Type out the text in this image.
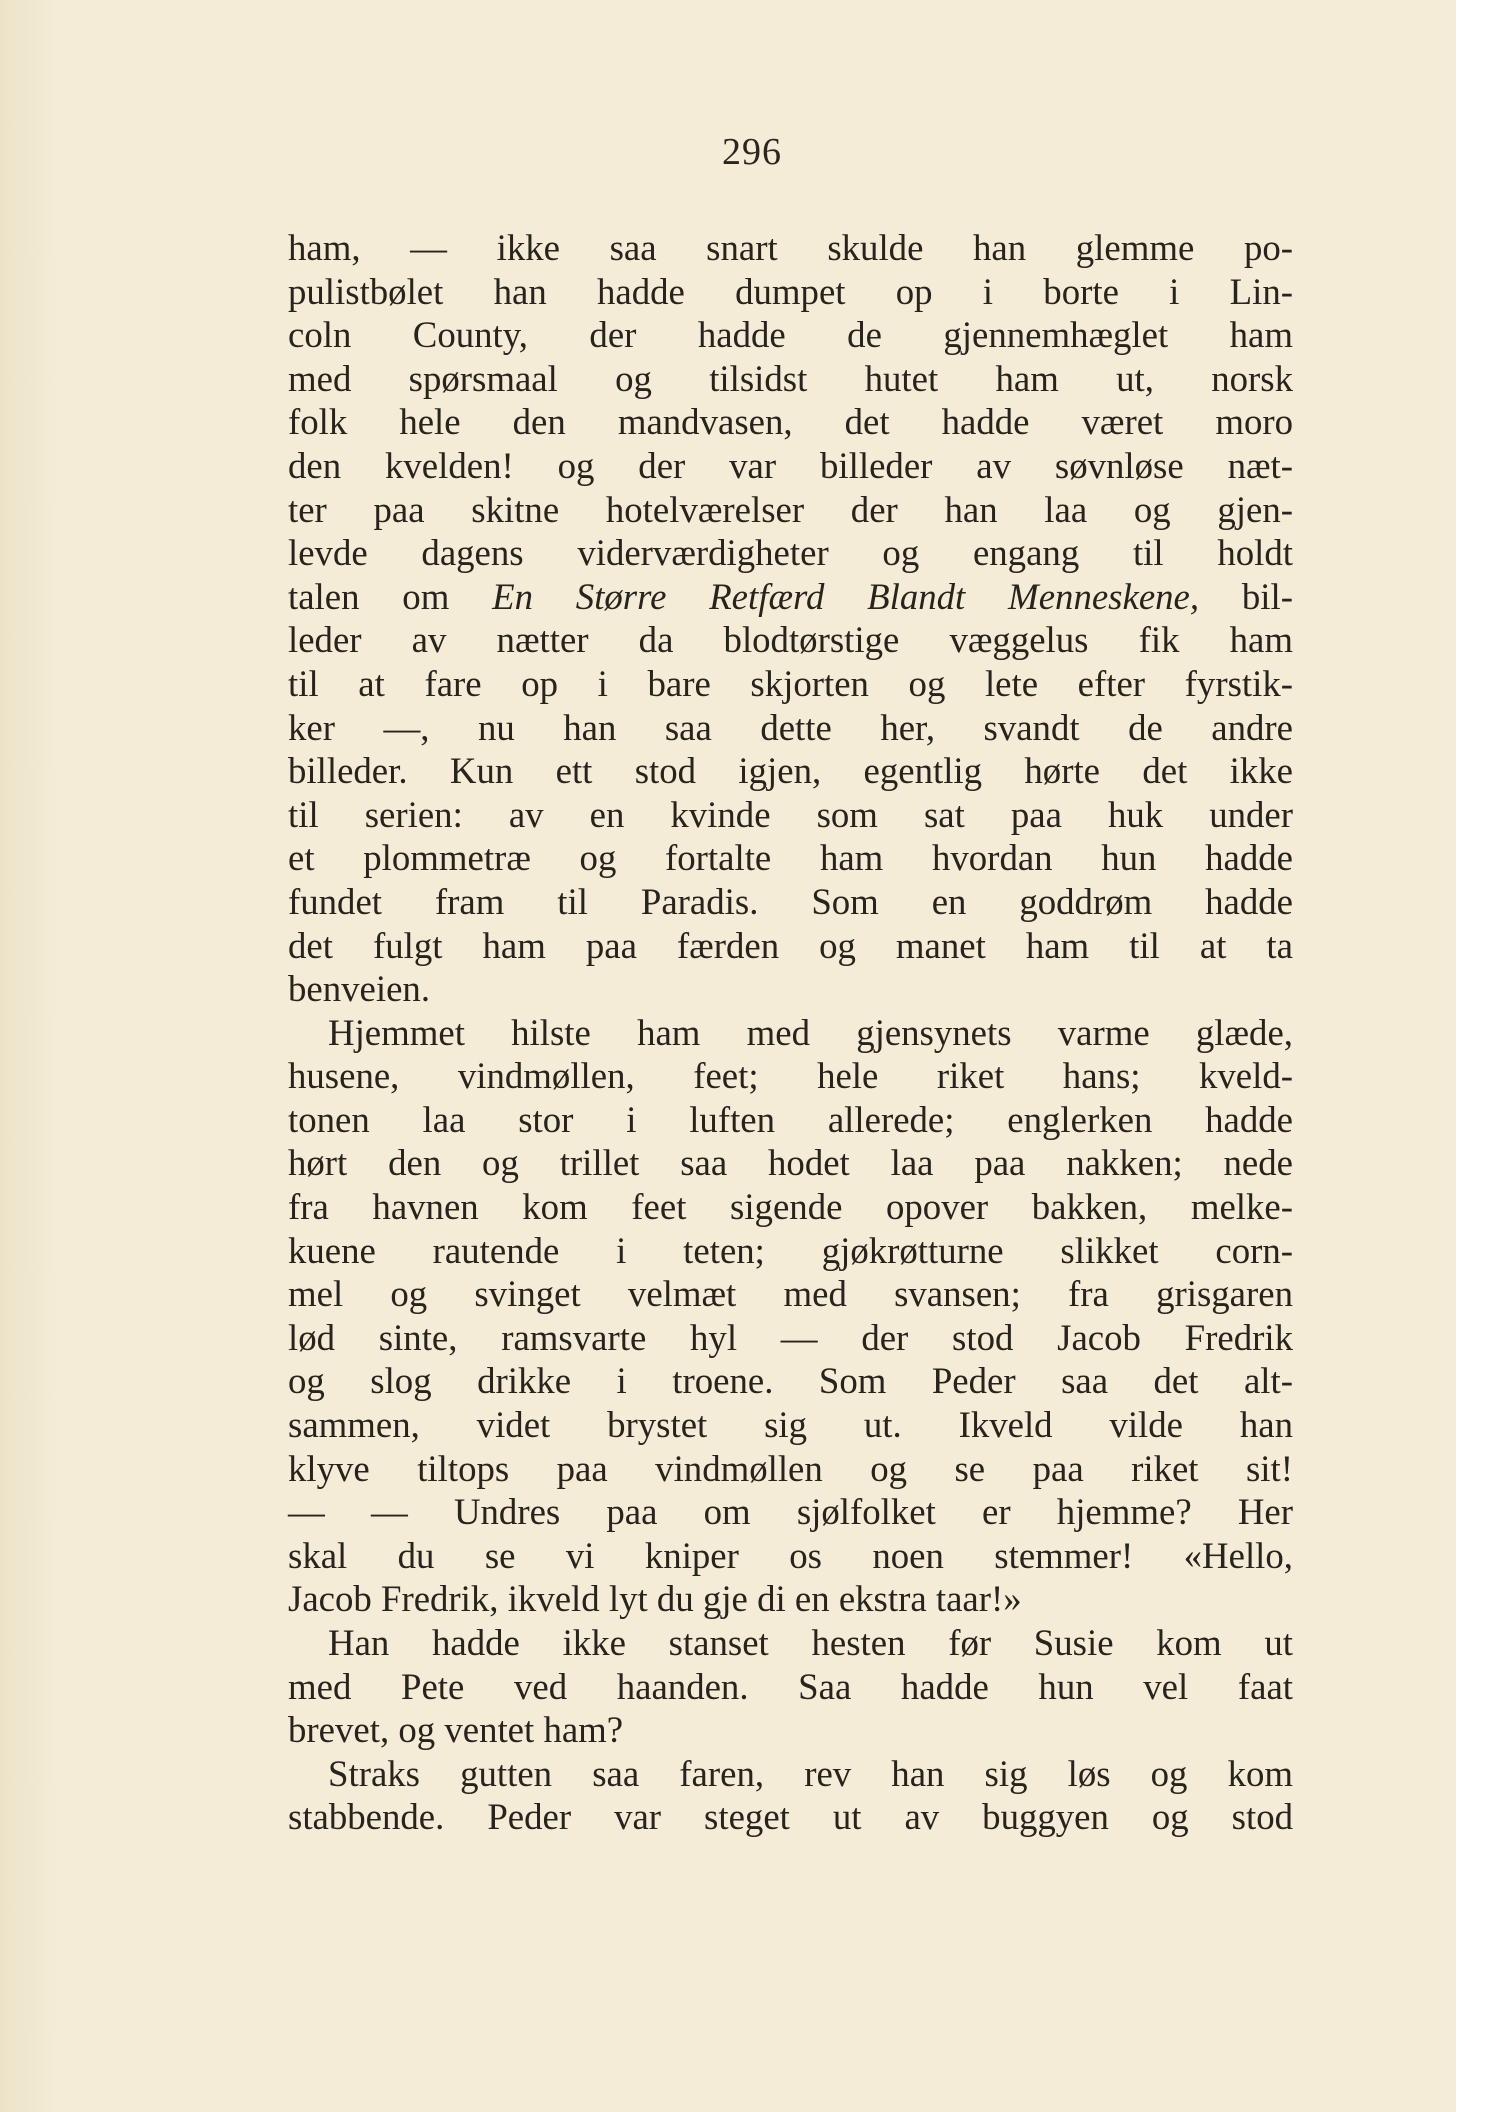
296
ham, — ikke saa snart skulde han glemme po-
pulistbølet han hadde dumpet op i borte i Lin-
coln County, der hadde de gjennemhæglet ham
med spørsmaal og tilsidst hutet ham ut, norsk
folk hele den mandvasen, det hadde været moro
den kvelden! og der var billeder av søvnløse næt-
ter paa skitne hotelværelser der han laa og gjen-
levde dagens viderværdigheter og engang til holdt
talen om En Større Retfærd Blandt Menneskene, bil-
leder av nætter da blodtørstige væggelus fik ham
til at fare op i bare skjorten og lete efter fyrstik-
ker —, nu han saa dette her, svandt de andre
billeder. Kun ett stod igjen, egentlig hørte det ikke
til serien: av en kvinde som sat paa huk under
et plommetræ og fortalte ham hvordan hun hadde
fundet fram til Paradis. Som en goddrøm hadde
det fulgt ham paa færden og manet ham til at ta
benveien.
Hjemmet hilste ham med gjensynets varme glæde,
husene, vindmøllen, feet; hele riket hans; kveld-
tonen laa stor i luften allerede; englerken hadde
hørt den og trillet saa hodet laa paa nakken; nede
fra havnen kom feet sigende opover bakken, melke-
kuene rautende i teten; gjøkrøtturne slikket corn-
mel og svinget velmæt med svansen; fra grisgaren
lød sinte, ramsvarte hyl — der stod Jacob Fredrik
og slog drikke i troene. Som Peder saa det alt-
sammen, videt brystet sig ut. Ikveld vilde han
klyve tiltops paa vindmøllen og se paa riket sit!
— — Undres paa om sjølfolket er hjemme? Her
skal du se vi kniper os noen stemmer! «Hello,
Jacob Fredrik, ikveld lyt du gje di en ekstra taar!»
Han hadde ikke stanset hesten før Susie kom ut
med Pete ved haanden. Saa hadde hun vel faat
brevet, og ventet ham?
Straks gutten saa faren, rev han sig løs og kom
stabbende. Peder var steget ut av buggyen og stod
